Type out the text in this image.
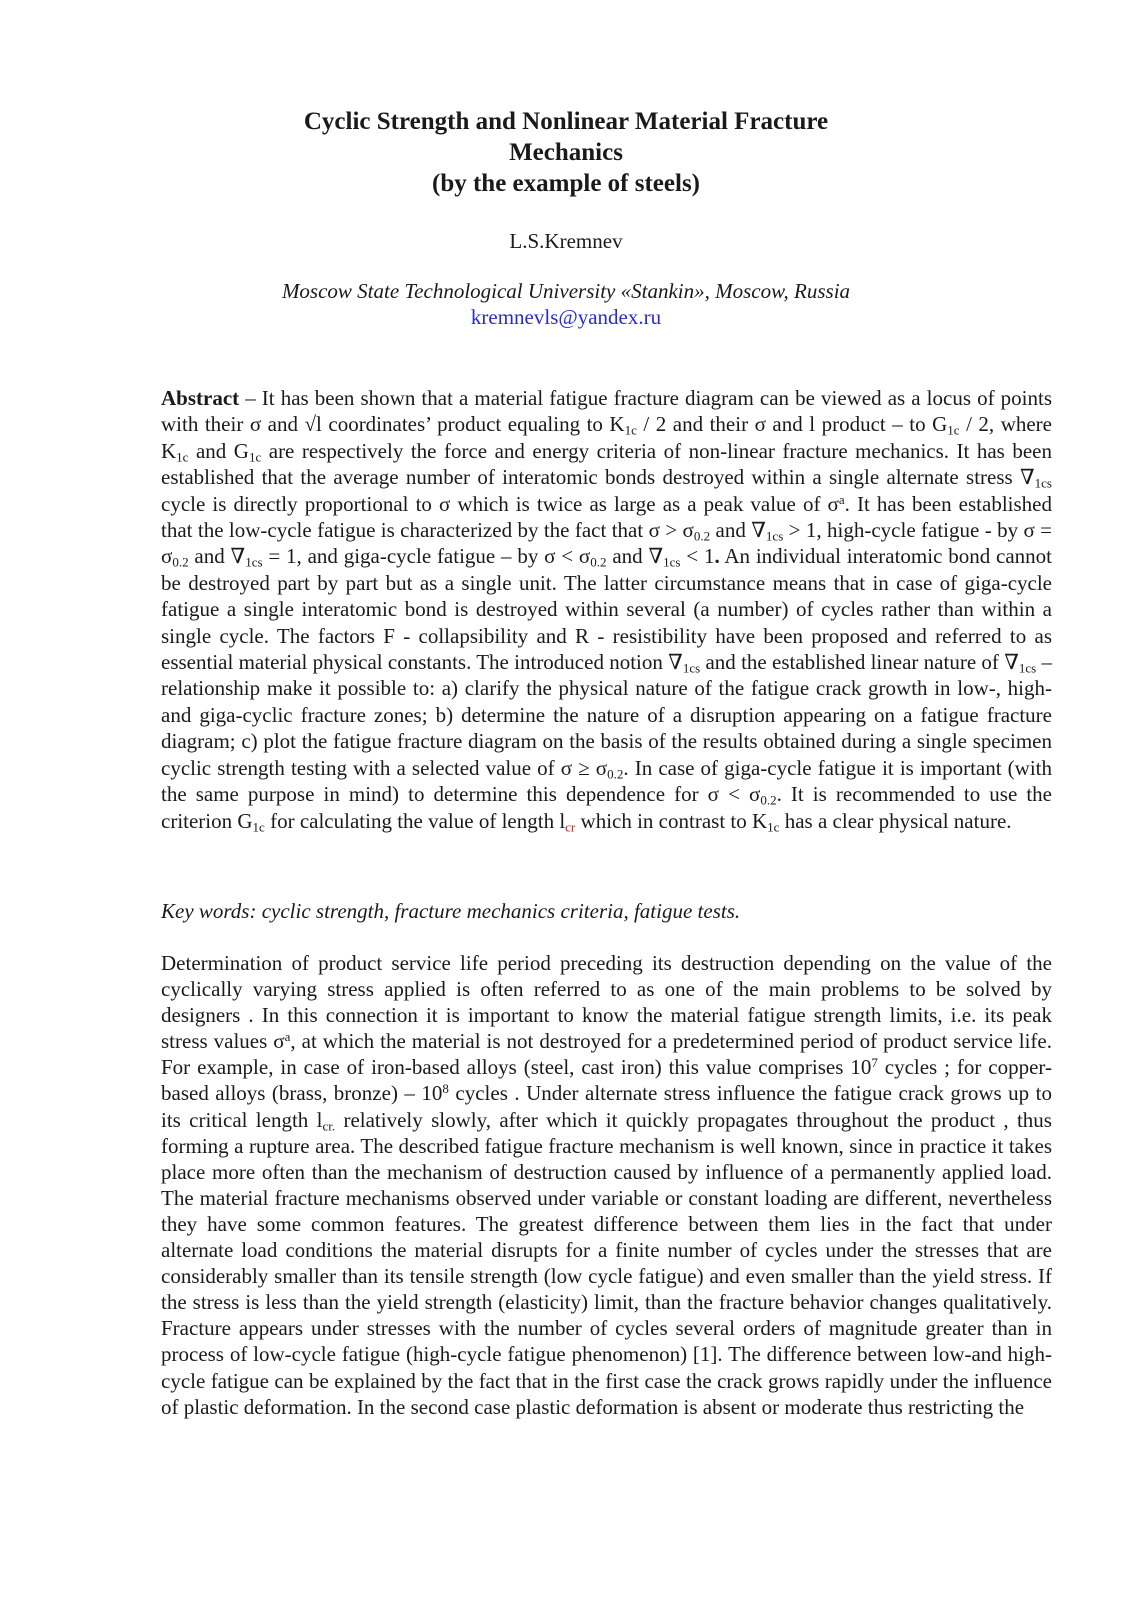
Cyclic Strength and Nonlinear Material Fracture
Mechanics
(by the example of steels)
L.S.Kremnev
Moscow State Technological University «Stankin», Moscow, Russia
kremnevls@yandex.ru

Abstract – It has been shown that a material fatigue fracture diagram can be viewed as a locus of points with their σ and √l coordinates’ product equaling to $K_{1c} / 2$ and their σ and l product – to $G_{1c} / 2$, where $K_{1c}$ and $G_{1c}$ are respectively the force and energy criteria of non-linear fracture mechanics. It has been established that the average number of interatomic bonds destroyed within a single alternate stress $\nabla_{1cs}$ cycle is directly proportional to σ which is twice as large as a peak value of $\sigma^a$. It has been established that the low-cycle fatigue is characterized by the fact that $\sigma > \sigma_{0.2}$ and $\nabla_{1cs} > 1$, high-cycle fatigue - by $\sigma = \sigma_{0.2}$ and $\nabla_{1cs} = 1$, and giga-cycle fatigue – by $\sigma < \sigma_{0.2}$ and $\nabla_{1cs} < 1$. An individual interatomic bond cannot be destroyed part by part but as a single unit. The latter circumstance means that in case of giga-cycle fatigue a single interatomic bond is destroyed within several (a number) of cycles rather than within a single cycle. The factors F - collapsibility and R - resistibility have been proposed and referred to as essential material physical constants. The introduced notion $\nabla_{1cs}$ and the established linear nature of $\nabla_{1cs}$ – relationship make it possible to: a) clarify the physical nature of the fatigue crack growth in low-, high- and giga-cyclic fracture zones; b) determine the nature of a disruption appearing on a fatigue fracture diagram; c) plot the fatigue fracture diagram on the basis of the results obtained during a single specimen cyclic strength testing with a selected value of $\sigma \ge \sigma_{0.2}$. In case of giga-cycle fatigue it is important (with the same purpose in mind) to determine this dependence for $\sigma < \sigma_{0.2}$. It is recommended to use the criterion $G_{1c}$ for calculating the value of length $l_{cr}$ which in contrast to $K_{1c}$ has a clear physical nature.

Key words: cyclic strength, fracture mechanics criteria, fatigue tests.

Determination of product service life period preceding its destruction depending on the value of the cyclically varying stress applied is often referred to as one of the main problems to be solved by designers . In this connection it is important to know the material fatigue strength limits, i.e. its peak stress values $\sigma^a$, at which the material is not destroyed for a predetermined period of product service life. For example, in case of iron-based alloys (steel, cast iron) this value comprises $10^7$ cycles ; for copper-based alloys (brass, bronze) – $10^8$ cycles . Under alternate stress influence the fatigue crack grows up to its critical length $l_{cr.}$ relatively slowly, after which it quickly propagates throughout the product , thus forming a rupture area. The described fatigue fracture mechanism is well known, since in practice it takes place more often than the mechanism of destruction caused by influence of a permanently applied load. The material fracture mechanisms observed under variable or constant loading are different, nevertheless they have some common features. The greatest difference between them lies in the fact that under alternate load conditions the material disrupts for a finite number of cycles under the stresses that are considerably smaller than its tensile strength (low cycle fatigue) and even smaller than the yield stress. If the stress is less than the yield strength (elasticity) limit, than the fracture behavior changes qualitatively. Fracture appears under stresses with the number of cycles several orders of magnitude greater than in process of low-cycle fatigue (high-cycle fatigue phenomenon) [1]. The difference between low-and high- cycle fatigue can be explained by the fact that in the first case the crack grows rapidly under the influence of plastic deformation. In the second case plastic deformation is absent or moderate thus restricting the
